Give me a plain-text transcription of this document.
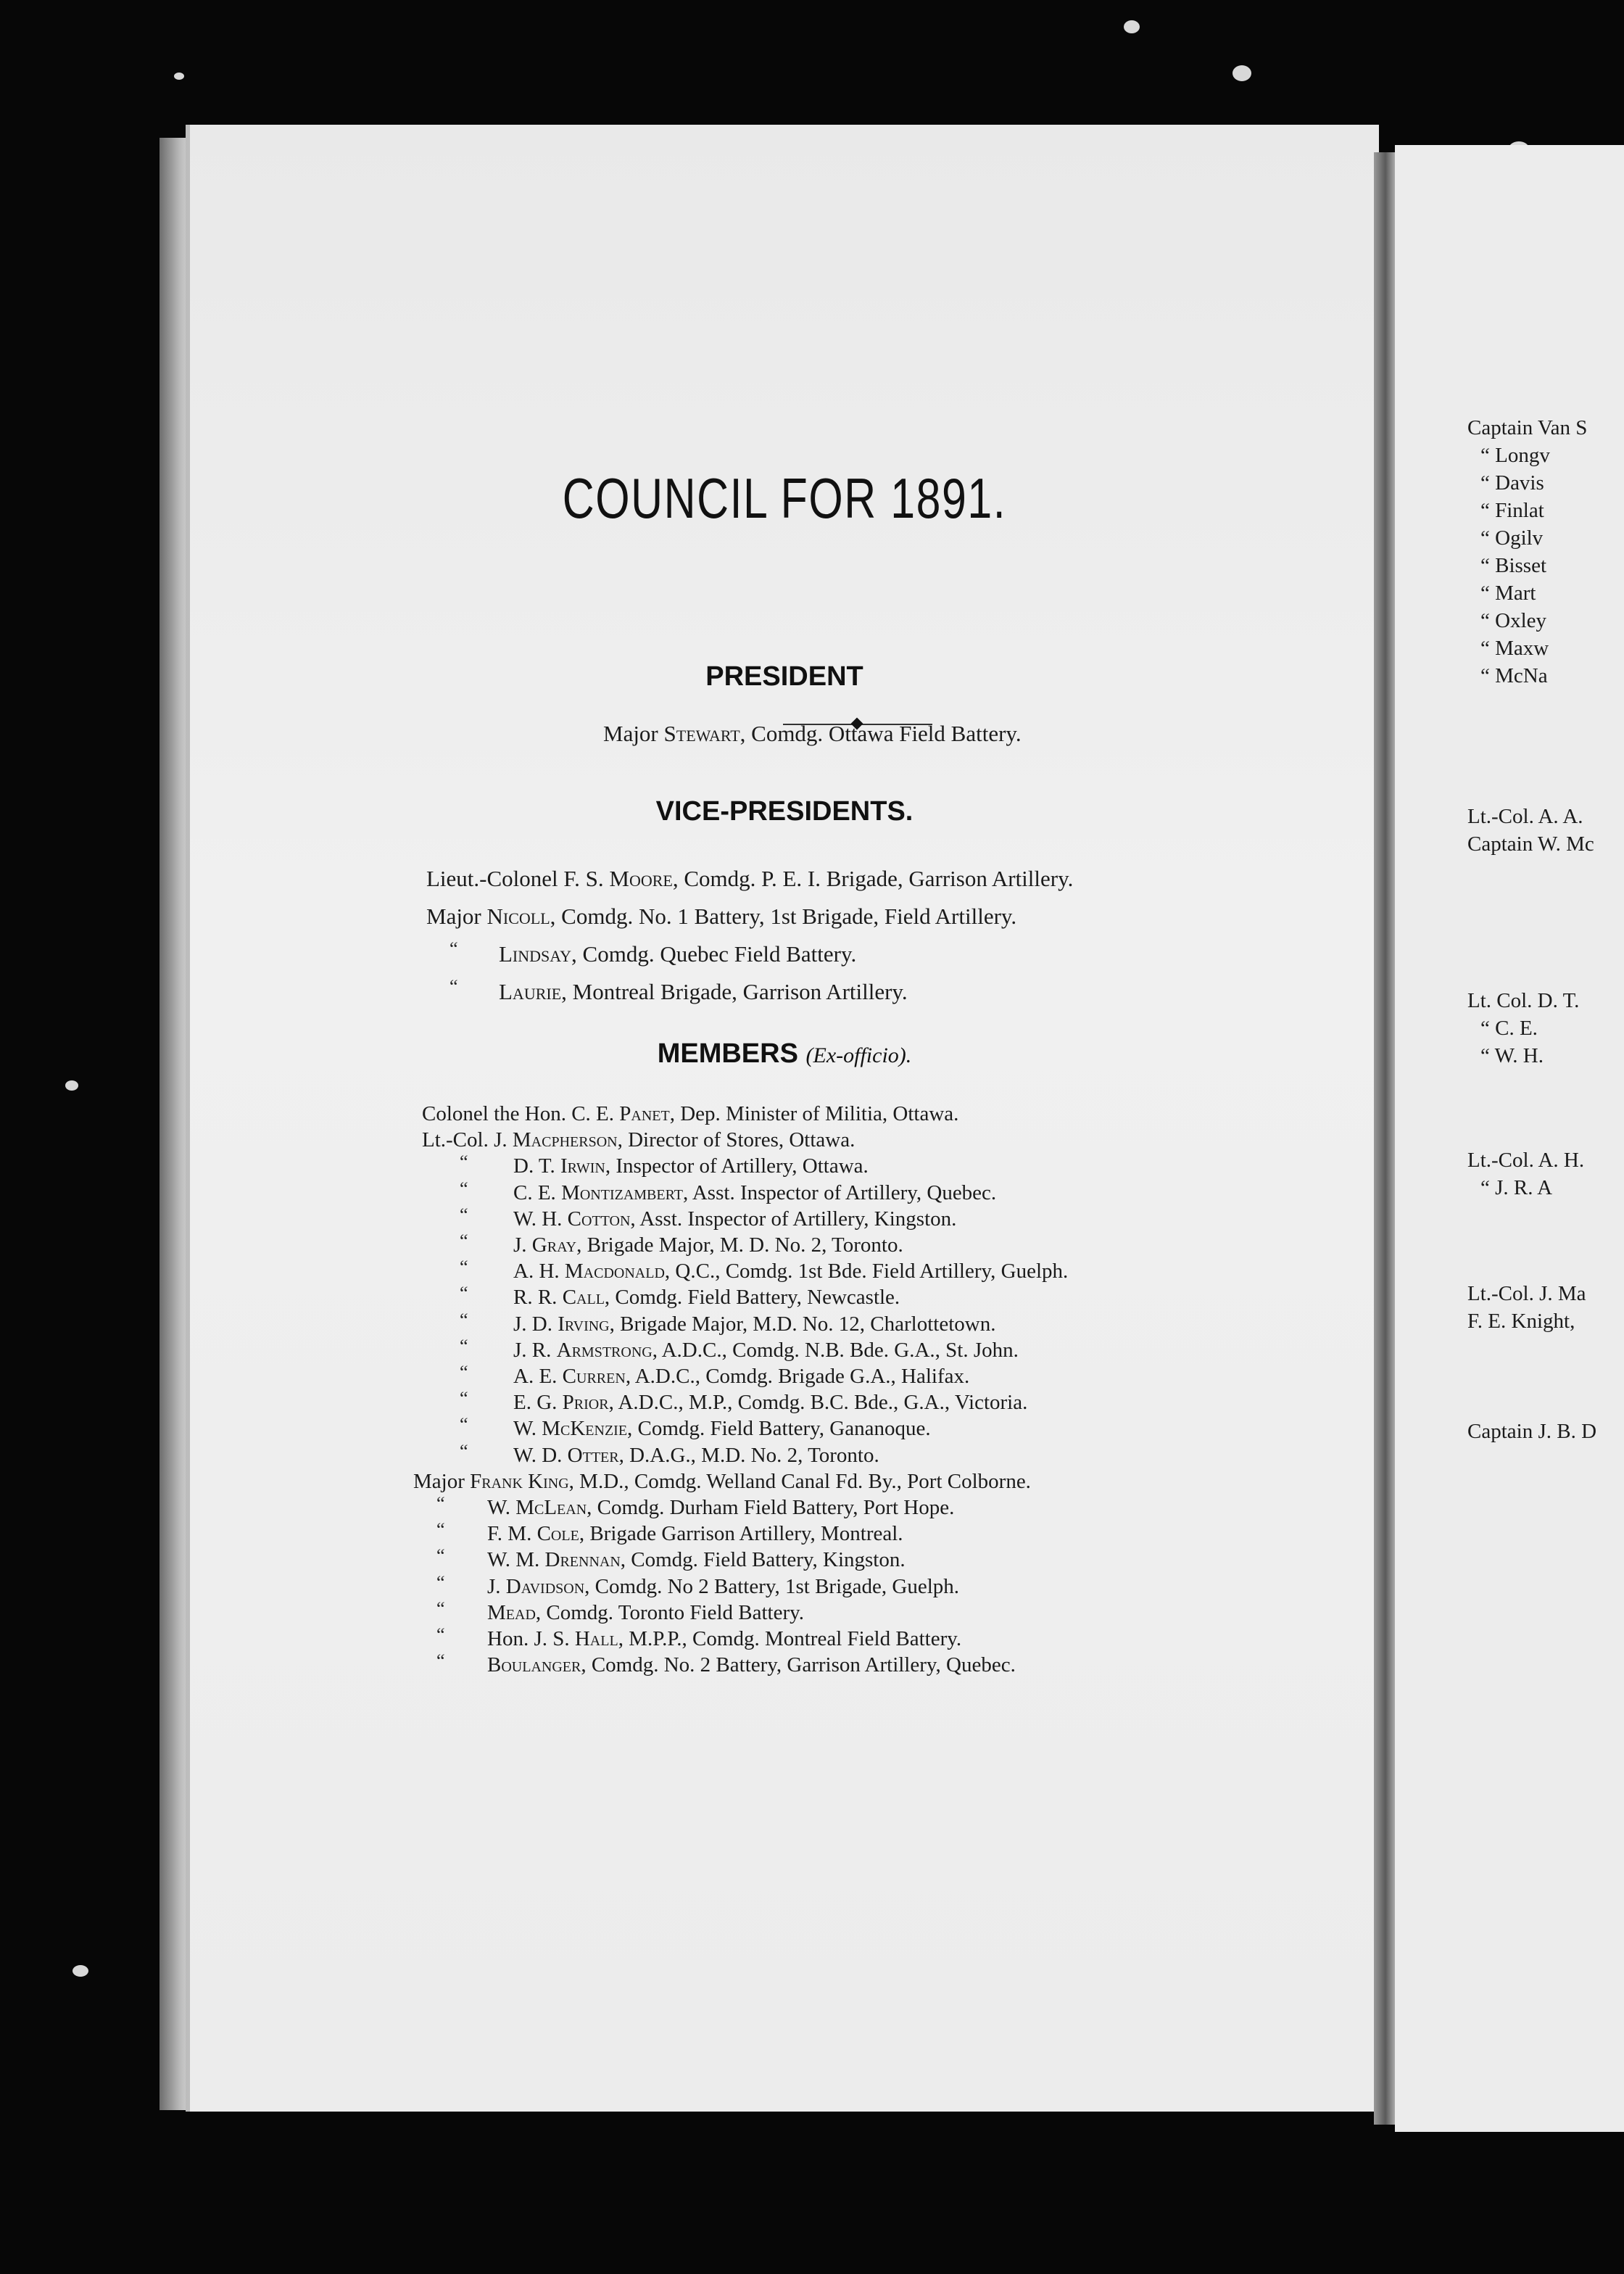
COUNCIL FOR 1891.
PRESIDENT
Major Stewart, Comdg. Ottawa Field Battery.
VICE-PRESIDENTS.
Lieut.-Colonel F. S. Moore, Comdg. P. E. I. Brigade, Garrison Artillery.
Major Nicoll, Comdg. No. 1 Battery, 1st Brigade, Field Artillery.
“ Lindsay, Comdg. Quebec Field Battery.
“ Laurie, Montreal Brigade, Garrison Artillery.
MEMBERS (Ex-officio).
Colonel the Hon. C. E. Panet, Dep. Minister of Militia, Ottawa.
Lt.-Col. J. Macpherson, Director of Stores, Ottawa.
“ D. T. Irwin, Inspector of Artillery, Ottawa.
“ C. E. Montizambert, Asst. Inspector of Artillery, Quebec.
“ W. H. Cotton, Asst. Inspector of Artillery, Kingston.
“ J. Gray, Brigade Major, M. D. No. 2, Toronto.
“ A. H. Macdonald, Q.C., Comdg. 1st Bde. Field Artillery, Guelph.
“ R. R. Call, Comdg. Field Battery, Newcastle.
“ J. D. Irving, Brigade Major, M.D. No. 12, Charlottetown.
“ J. R. Armstrong, A.D.C., Comdg. N.B. Bde. G.A., St. John.
“ A. E. Curren, A.D.C., Comdg. Brigade G.A., Halifax.
“ E. G. Prior, A.D.C., M.P., Comdg. B.C. Bde., G.A., Victoria.
“ W. McKenzie, Comdg. Field Battery, Gananoque.
“ W. D. Otter, D.A.G., M.D. No. 2, Toronto.
Major Frank King, M.D., Comdg. Welland Canal Fd. By., Port Colborne.
“ W. McLean, Comdg. Durham Field Battery, Port Hope.
“ F. M. Cole, Brigade Garrison Artillery, Montreal.
“ W. M. Drennan, Comdg. Field Battery, Kingston.
“ J. Davidson, Comdg. No 2 Battery, 1st Brigade, Guelph.
“ Mead, Comdg. Toronto Field Battery.
“ Hon. J. S. Hall, M.P.P., Comdg. Montreal Field Battery.
“ Boulanger, Comdg. No. 2 Battery, Garrison Artillery, Quebec.
Captain Van S
“ Longv
“ Davis
“ Finlat
“ Ogilv
“ Bisset
“ Mart
“ Oxley
“ Maxw
“ McNa
Lt.-Col. A. A.
Captain W. Mc
Lt. Col. D. T.
“ C. E.
“ W. H.
Lt.-Col. A. H.
“ J. R. A
Lt.-Col. J. Ma
F. E. Knight,
Captain J. B. D
